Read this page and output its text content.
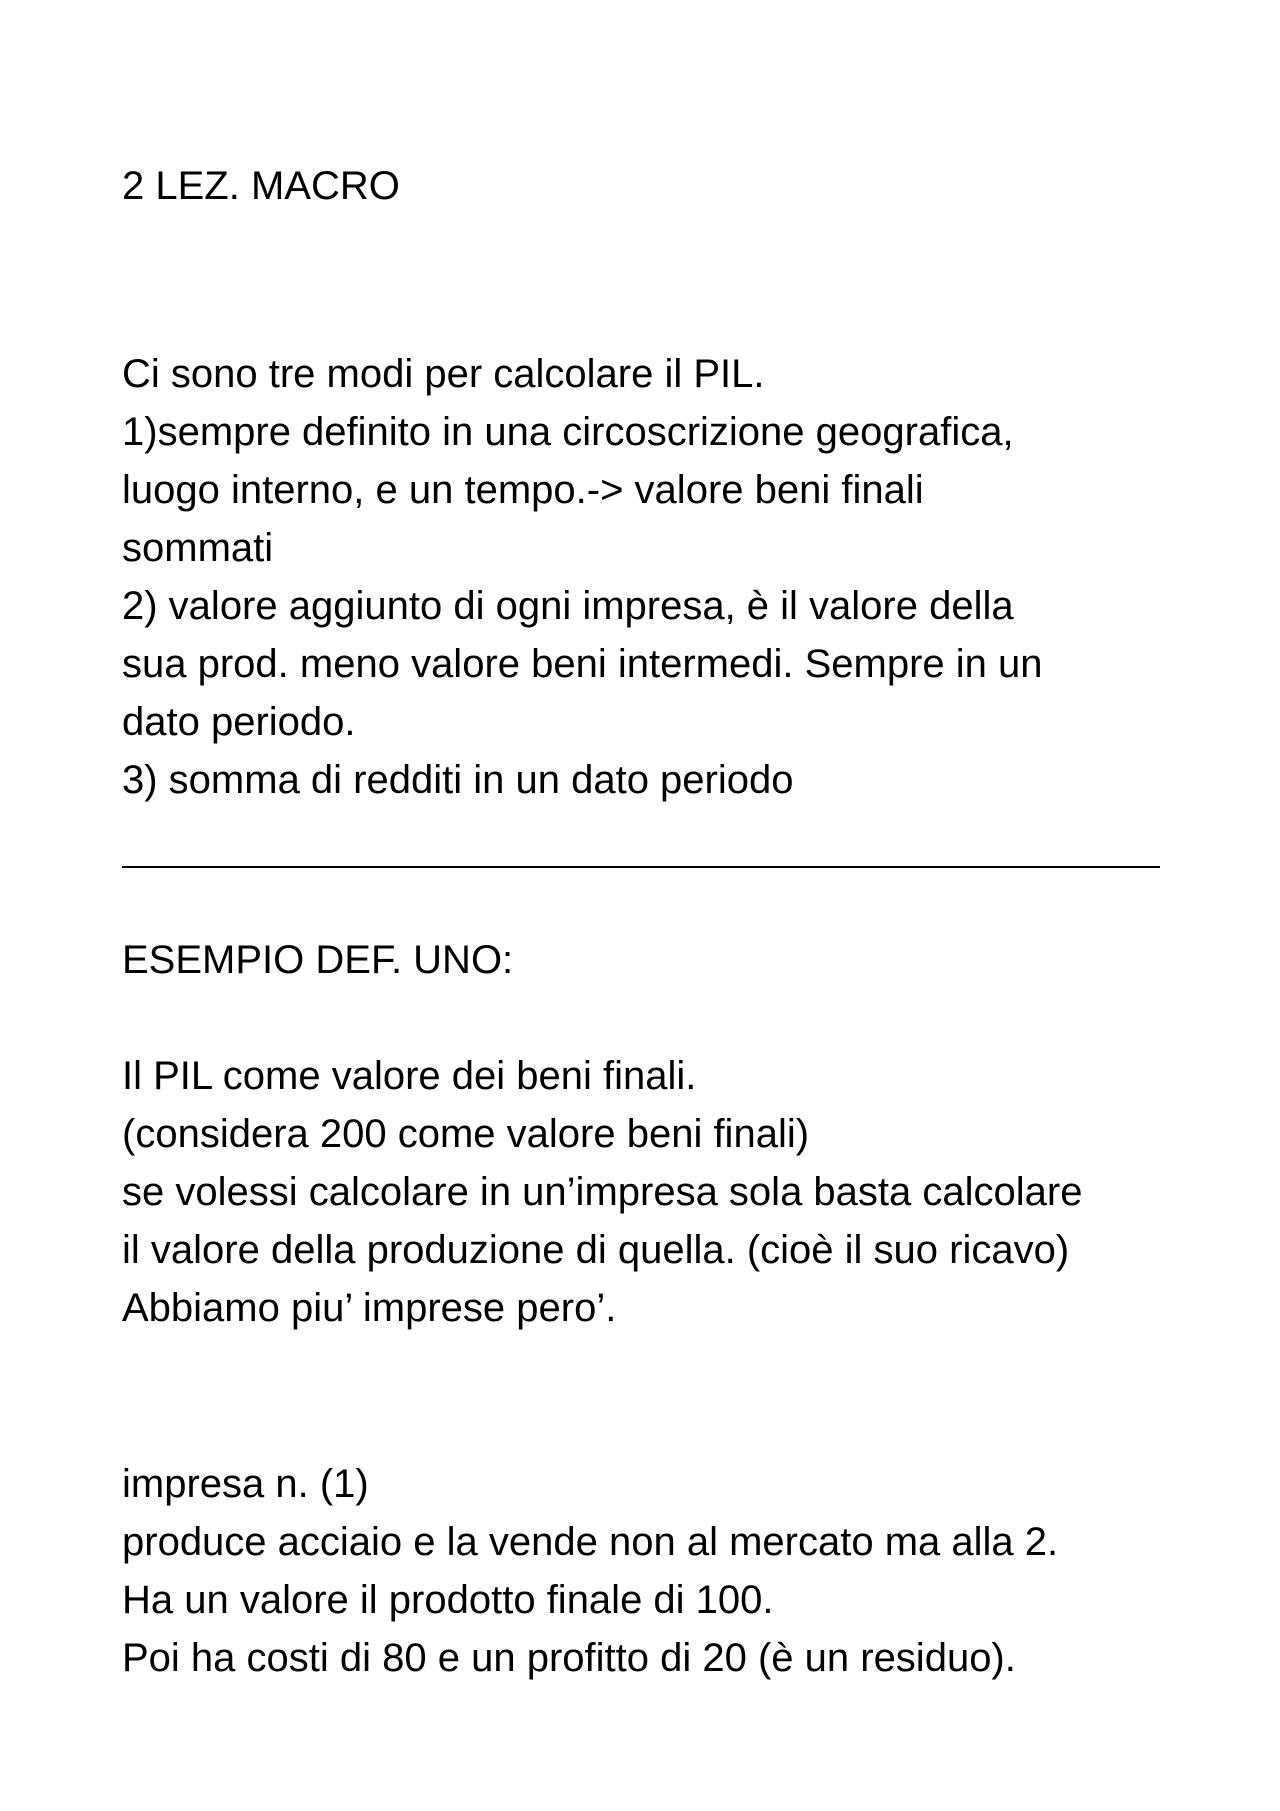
2 LEZ. MACRO

Ci sono tre modi per calcolare il PIL.

1)sempre definito in una circoscrizione geografica,

luogo interno, e un tempo.-> valore beni finali

sommati

2) valore aggiunto di ogni impresa, è il valore della

sua prod. meno valore beni intermedi. Sempre in un

dato periodo.

3) somma di redditi in un dato periodo

ESEMPIO DEF. UNO:

Il PIL come valore dei beni finali.

(considera 200 come valore beni finali)

se volessi calcolare in un’impresa sola basta calcolare

il valore della produzione di quella. (cioè il suo ricavo)

Abbiamo piu’ imprese pero’.

impresa n. (1)

produce acciaio e la vende non al mercato ma alla 2.

Ha un valore il prodotto finale di 100.

Poi ha costi di 80 e un profitto di 20 (è un residuo).
